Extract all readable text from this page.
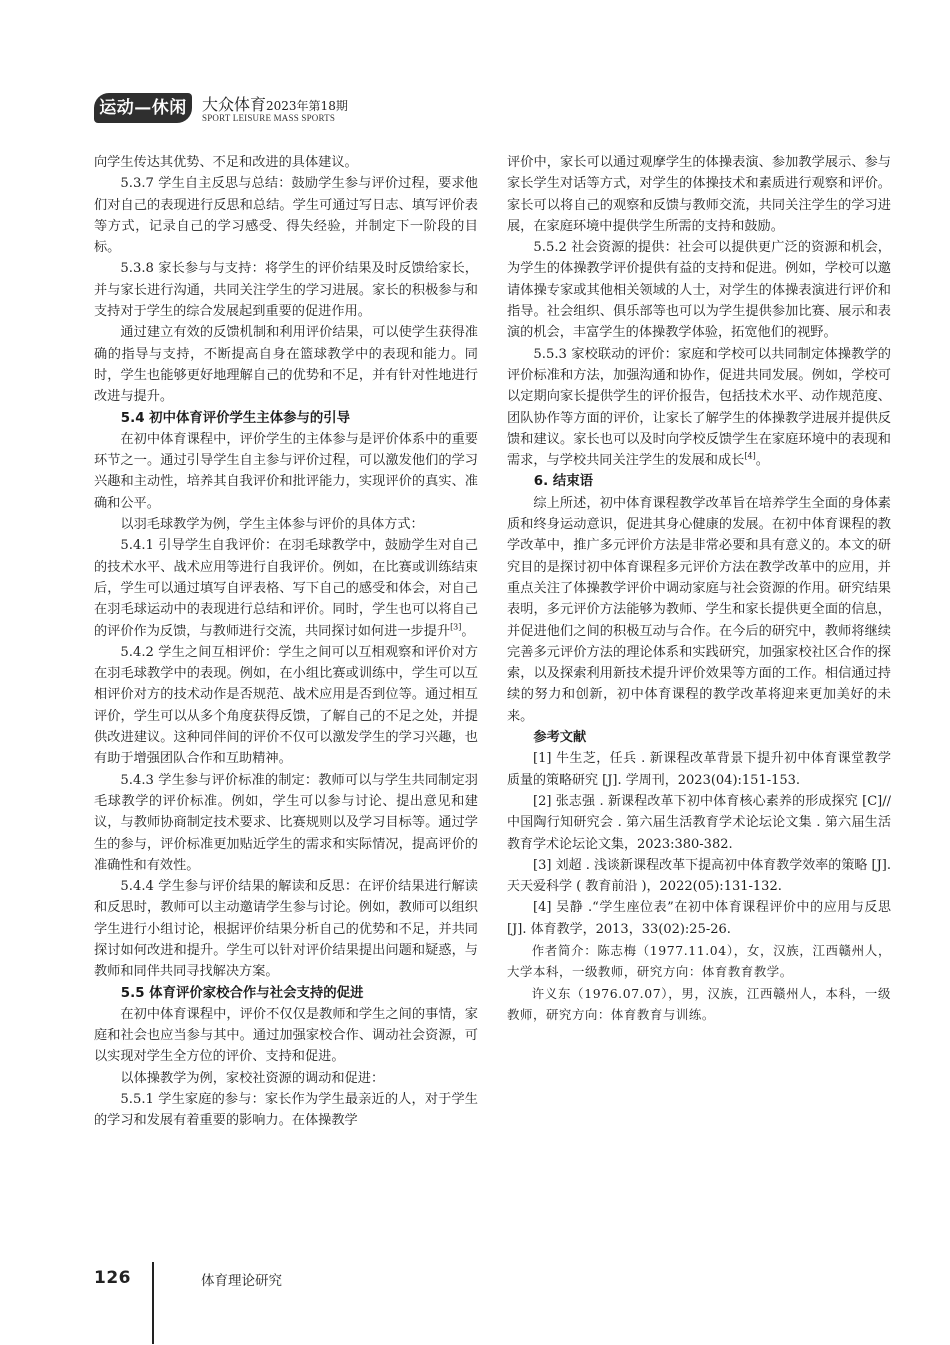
运动—休闲 大众体育2023年第18期
SPORT LEISURE MASS SPORTS

向学生传达其优势、不足和改进的具体建议。

5.3.7 学生自主反思与总结：鼓励学生参与评价过程，要求他们对自己的表现进行反思和总结。学生可通过写日志、填写评价表等方式，记录自己的学习感受、得失经验，并制定下一阶段的目标。

5.3.8 家长参与与支持：将学生的评价结果及时反馈给家长，并与家长进行沟通，共同关注学生的学习进展。家长的积极参与和支持对于学生的综合发展起到重要的促进作用。

通过建立有效的反馈机制和利用评价结果，可以使学生获得准确的指导与支持，不断提高自身在篮球教学中的表现和能力。同时，学生也能够更好地理解自己的优势和不足，并有针对性地进行改进与提升。

5.4 初中体育评价学生主体参与的引导

在初中体育课程中，评价学生的主体参与是评价体系中的重要环节之一。通过引导学生自主参与评价过程，可以激发他们的学习兴趣和主动性，培养其自我评价和批评能力，实现评价的真实、准确和公平。

以羽毛球教学为例，学生主体参与评价的具体方式：

5.4.1 引导学生自我评价：在羽毛球教学中，鼓励学生对自己的技术水平、战术应用等进行自我评价。例如，在比赛或训练结束后，学生可以通过填写自评表格、写下自己的感受和体会，对自己在羽毛球运动中的表现进行总结和评价。同时，学生也可以将自己的评价作为反馈，与教师进行交流，共同探讨如何进一步提升[3]。

5.4.2 学生之间互相评价：学生之间可以互相观察和评价对方在羽毛球教学中的表现。例如，在小组比赛或训练中，学生可以互相评价对方的技术动作是否规范、战术应用是否到位等。通过相互评价，学生可以从多个角度获得反馈，了解自己的不足之处，并提供改进建议。这种同伴间的评价不仅可以激发学生的学习兴趣，也有助于增强团队合作和互助精神。

5.4.3 学生参与评价标准的制定：教师可以与学生共同制定羽毛球教学的评价标准。例如，学生可以参与讨论、提出意见和建议，与教师协商制定技术要求、比赛规则以及学习目标等。通过学生的参与，评价标准更加贴近学生的需求和实际情况，提高评价的准确性和有效性。

5.4.4 学生参与评价结果的解读和反思：在评价结果进行解读和反思时，教师可以主动邀请学生参与讨论。例如，教师可以组织学生进行小组讨论，根据评价结果分析自己的优势和不足，并共同探讨如何改进和提升。学生可以针对评价结果提出问题和疑惑，与教师和同伴共同寻找解决方案。

5.5 体育评价家校合作与社会支持的促进

在初中体育课程中，评价不仅仅是教师和学生之间的事情，家庭和社会也应当参与其中。通过加强家校合作、调动社会资源，可以实现对学生全方位的评价、支持和促进。

以体操教学为例，家校社资源的调动和促进：

5.5.1 学生家庭的参与：家长作为学生最亲近的人，对于学生的学习和发展有着重要的影响力。在体操教学

评价中，家长可以通过观摩学生的体操表演、参加教学展示、参与家长学生对话等方式，对学生的体操技术和素质进行观察和评价。家长可以将自己的观察和反馈与教师交流，共同关注学生的学习进展，在家庭环境中提供学生所需的支持和鼓励。

5.5.2 社会资源的提供：社会可以提供更广泛的资源和机会，为学生的体操教学评价提供有益的支持和促进。例如，学校可以邀请体操专家或其他相关领域的人士，对学生的体操表演进行评价和指导。社会组织、俱乐部等也可以为学生提供参加比赛、展示和表演的机会，丰富学生的体操教学体验，拓宽他们的视野。

5.5.3 家校联动的评价：家庭和学校可以共同制定体操教学的评价标准和方法，加强沟通和协作，促进共同发展。例如，学校可以定期向家长提供学生的评价报告，包括技术水平、动作规范度、团队协作等方面的评价，让家长了解学生的体操教学进展并提供反馈和建议。家长也可以及时向学校反馈学生在家庭环境中的表现和需求，与学校共同关注学生的发展和成长[4]。

6. 结束语

综上所述，初中体育课程教学改革旨在培养学生全面的身体素质和终身运动意识，促进其身心健康的发展。在初中体育课程的教学改革中，推广多元评价方法是非常必要和具有意义的。本文的研究目的是探讨初中体育课程多元评价方法在教学改革中的应用，并重点关注了体操教学评价中调动家庭与社会资源的作用。研究结果表明，多元评价方法能够为教师、学生和家长提供更全面的信息，并促进他们之间的积极互动与合作。在今后的研究中，教师将继续完善多元评价方法的理论体系和实践研究，加强家校社区合作的探索，以及探索利用新技术提升评价效果等方面的工作。相信通过持续的努力和创新，初中体育课程的教学改革将迎来更加美好的未来。

参考文献

[1] 牛生芝，任兵 . 新课程改革背景下提升初中体育课堂教学质量的策略研究 [J]. 学周刊，2023(04):151-153.

[2] 张志强 . 新课程改革下初中体育核心素养的形成探究 [C]// 中国陶行知研究会 . 第六届生活教育学术论坛论文集 . 第六届生活教育学术论坛论文集，2023:380-382.

[3] 刘超 . 浅谈新课程改革下提高初中体育教学效率的策略 [J]. 天天爱科学 ( 教育前沿 )，2022(05):131-132.

[4] 吴静 .“学生座位表”在初中体育课程评价中的应用与反思 [J]. 体育教学，2013，33(02):25-26.

作者简介：陈志梅（1977.11.04），女，汉族，江西赣州人，大学本科，一级教师，研究方向：体育教育教学。

许义东（1976.07.07），男，汉族，江西赣州人，本科，一级教师，研究方向：体育教育与训练。

126	体育理论研究
